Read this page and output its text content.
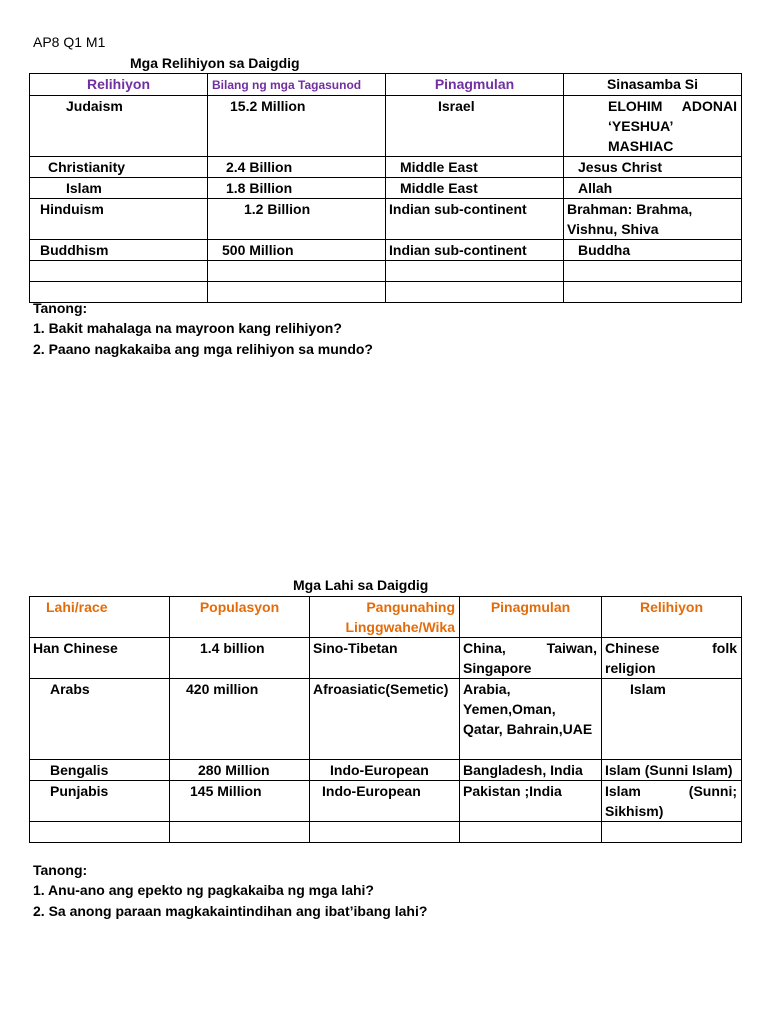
AP8 Q1 M1
Mga Relihiyon sa Daigdig
Relihiyon	Bilang ng mga Tagasunod	Pinagmulan	Sinasamba Si
Judaism	15.2 Million	Israel	ELOHIM ADONAI ‘YESHUA’ MASHIAC
Christianity	2.4 Billion	Middle East	Jesus Christ
Islam	1.8 Billion	Middle East	Allah
Hinduism	1.2 Billion	Indian sub-continent	Brahman: Brahma, Vishnu, Shiva
Buddhism	500 Million	Indian sub-continent	Buddha

Tanong:
1. Bakit mahalaga na mayroon kang relihiyon?
2. Paano nagkakaiba ang mga relihiyon sa mundo?
Mga Lahi sa Daigdig
Lahi/race	Populasyon	Pangunahing Linggwahe/Wika	Pinagmulan	Relihiyon
Han Chinese	1.4 billion	Sino-Tibetan	China, Taiwan, Singapore	Chinese folk religion
Arabs	420 million	Afroasiatic(Semetic)	Arabia, Yemen,Oman, Qatar, Bahrain,UAE	Islam
Bengalis	280 Million	Indo-European	Bangladesh, India	Islam (Sunni Islam)
Punjabis	145 Million	Indo-European	Pakistan ;India	Islam (Sunni; Sikhism)

Tanong:
1. Anu-ano ang epekto ng pagkakaiba ng mga lahi?
2. Sa anong paraan magkakaintindihan ang ibat’ibang lahi?
